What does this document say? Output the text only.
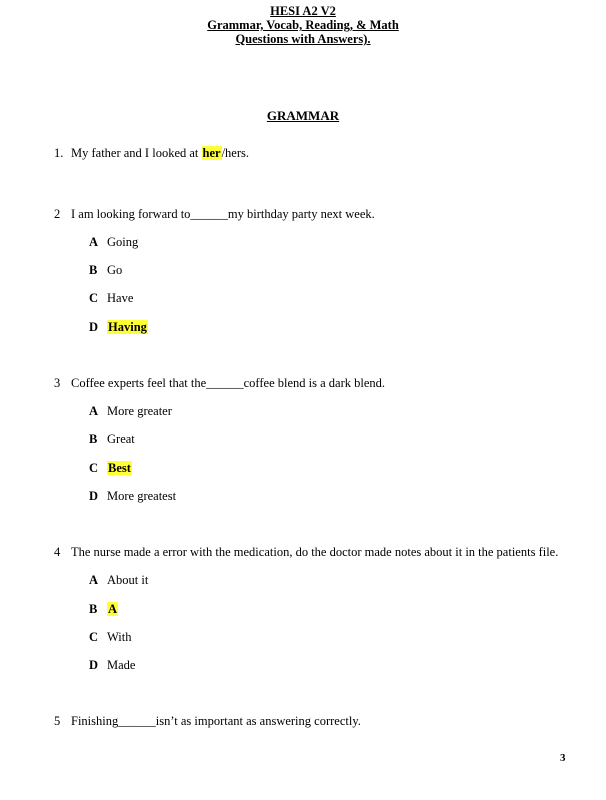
HESI A2 V2
Grammar, Vocab, Reading, & Math
Questions with Answers).
GRAMMAR
1. My father and I looked at her/hers.
2 I am looking forward to______my birthday party next week.
A Going
B Go
C Have
D Having
3 Coffee experts feel that the______coffee blend is a dark blend.
A More greater
B Great
C Best
D More greatest
4 The nurse made a error with the medication, do the doctor made notes about it in the patients file.
A About it
B A
C With
D Made
5 Finishing______isn’t as important as answering correctly.
3
